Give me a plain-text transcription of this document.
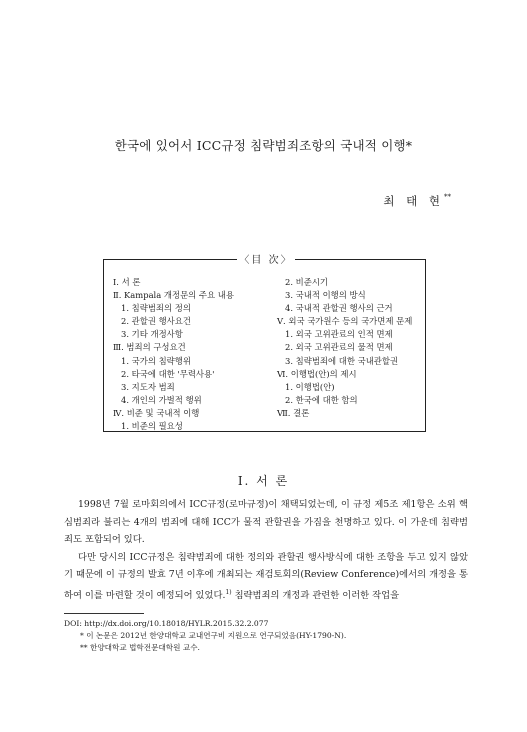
한국에 있어서 ICC규정 침략범죄조항의 국내적 이행*
최 태 현**
〈目 次〉
Ⅰ. 서 론
Ⅱ. Kampala 개정문의 주요 내용
1. 침략범죄의 정의
2. 관할권 행사요건
3. 기타 개정사항
Ⅲ. 범죄의 구성요건
1. 국가의 침략행위
2. 타국에 대한 '무력사용'
3. 지도자 범죄
4. 개인의 가벌적 행위
Ⅳ. 비준 및 국내적 이행
1. 비준의 필요성
2. 비준시기
3. 국내적 이행의 방식
4. 국내적 관할권 행사의 근거
Ⅴ. 외국 국가원수 등의 국가면제 문제
1. 외국 고위관료의 인적 면제
2. 외국 고위관료의 물적 면제
3. 침략범죄에 대한 국내관할권
Ⅵ. 이행법(안)의 제시
1. 이행법(안)
2. 한국에 대한 함의
Ⅶ. 결론
Ⅰ. 서 론

1998년 7월 로마회의에서 ICC규정(로마규정)이 채택되었는데, 이 규정 제5조 제1항은 소위 핵심범죄라 불리는 4개의 범죄에 대해 ICC가 물적 관할권을 가짐을 천명하고 있다. 이 가운데 침략범죄도 포함되어 있다.

다만 당시의 ICC규정은 침략범죄에 대한 정의와 관할권 행사방식에 대한 조항을 두고 있지 않았기 때문에 이 규정의 발효 7년 이후에 개최되는 재검토회의(Review Conference)에서의 개정을 통하여 이를 마련할 것이 예정되어 있었다.$^{1)}$ 침략범죄의 개정과 관련한 이러한 작업을

DOI: http://dx.doi.org/10.18018/HYLR.2015.32.2.077
* 이 논문은 2012년 한양대학교 교내연구비 지원으로 연구되었음(HY-1790-N).
** 한양대학교 법학전문대학원 교수.
